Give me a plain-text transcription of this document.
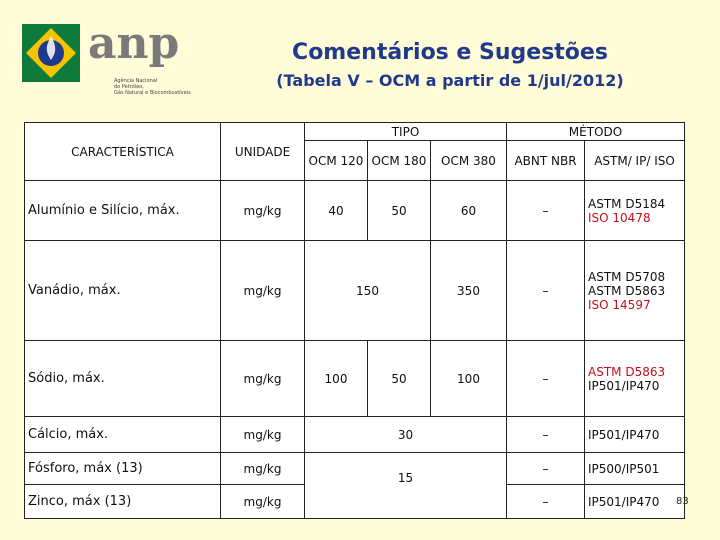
anp
Agência Nacional
do Petróleo,
Gás Natural e Biocombustíveis
Comentários e Sugestões
(Tabela V – OCM a partir de 1/jul/2012)
CARACTERÍSTICA	UNIDADE	TIPO			MÉTODO	
		OCM 120	OCM 180	OCM 380	ABNT NBR	ASTM/ IP/ ISO
Alumínio e Silício, máx.	mg/kg	40	50	60	–	ASTM D5184
ISO 10478

Vanádio, máx.	mg/kg	150		350	–	ASTM D5708
ASTM D5863
ISO 14597

Sódio, máx.	mg/kg	100	50	100	–	ASTM D5863
IP501/IP470

Cálcio, máx.	mg/kg	30			–	IP501/IP470

Fósforo, máx (13)	mg/kg	15			–	IP500/IP501

Zinco, máx (13)	mg/kg				–	IP501/IP470	83
